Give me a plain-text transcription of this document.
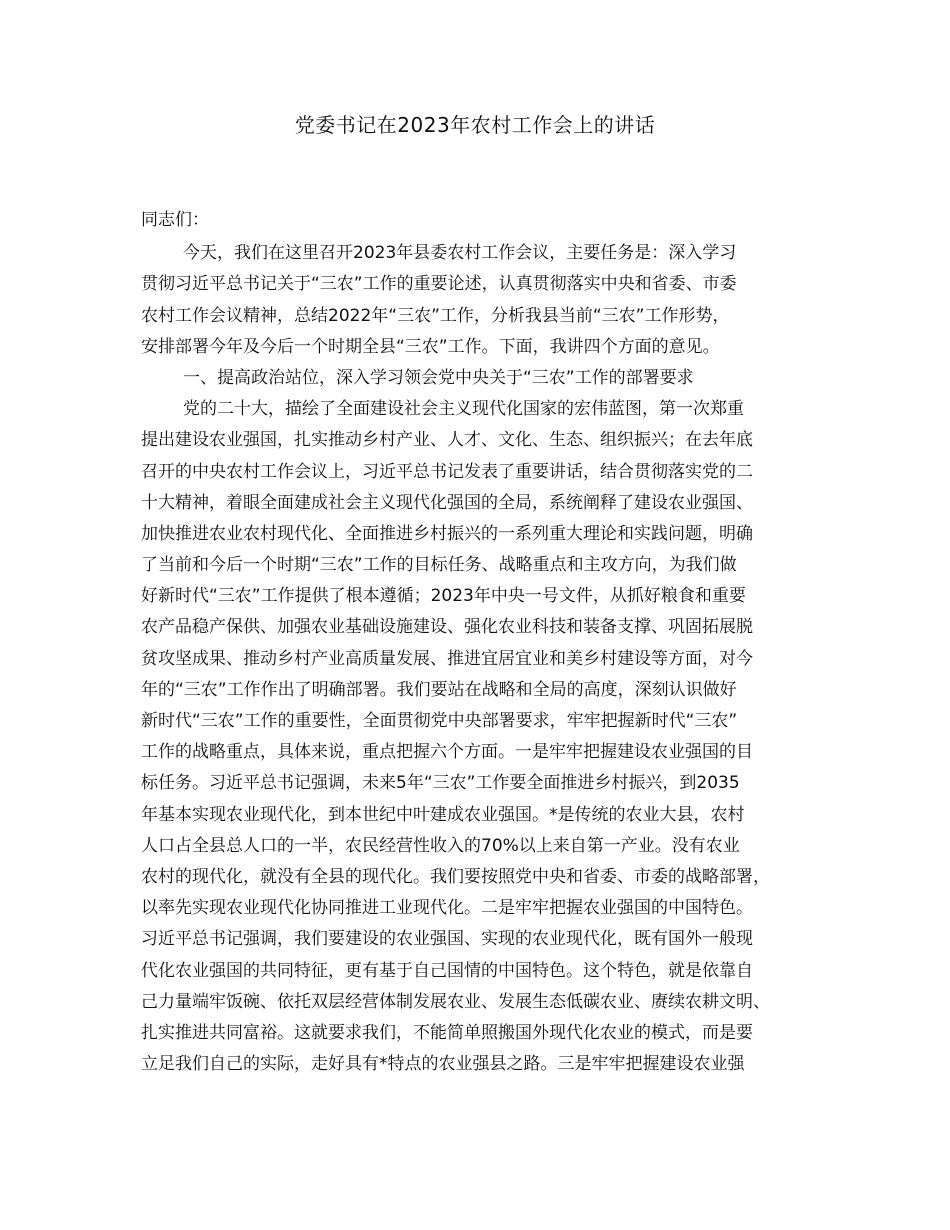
党委书记在2023年农村工作会上的讲话
同志们：
今天，我们在这里召开2023年县委农村工作会议，主要任务是：深入学习
贯彻习近平总书记关于“三农”工作的重要论述，认真贯彻落实中央和省委、市委
农村工作会议精神，总结2022年“三农”工作，分析我县当前“三农”工作形势，
安排部署今年及今后一个时期全县“三农”工作。下面，我讲四个方面的意见。
一、提高政治站位，深入学习领会党中央关于“三农”工作的部署要求
党的二十大，描绘了全面建设社会主义现代化国家的宏伟蓝图，第一次郑重
提出建设农业强国，扎实推动乡村产业、人才、文化、生态、组织振兴；在去年底
召开的中央农村工作会议上，习近平总书记发表了重要讲话，结合贯彻落实党的二
十大精神，着眼全面建成社会主义现代化强国的全局，系统阐释了建设农业强国、
加快推进农业农村现代化、全面推进乡村振兴的一系列重大理论和实践问题，明确
了当前和今后一个时期“三农”工作的目标任务、战略重点和主攻方向，为我们做
好新时代“三农”工作提供了根本遵循；2023年中央一号文件，从抓好粮食和重要
农产品稳产保供、加强农业基础设施建设、强化农业科技和装备支撑、巩固拓展脱
贫攻坚成果、推动乡村产业高质量发展、推进宜居宜业和美乡村建设等方面，对今
年的“三农”工作作出了明确部署。我们要站在战略和全局的高度，深刻认识做好
新时代“三农”工作的重要性，全面贯彻党中央部署要求，牢牢把握新时代“三农”
工作的战略重点，具体来说，重点把握六个方面。一是牢牢把握建设农业强国的目
标任务。习近平总书记强调，未来5年“三农”工作要全面推进乡村振兴，到2035
年基本实现农业现代化，到本世纪中叶建成农业强国。*是传统的农业大县，农村
人口占全县总人口的一半，农民经营性收入的70%以上来自第一产业。没有农业
农村的现代化，就没有全县的现代化。我们要按照党中央和省委、市委的战略部署，
以率先实现农业现代化协同推进工业现代化。二是牢牢把握农业强国的中国特色。
习近平总书记强调，我们要建设的农业强国、实现的农业现代化，既有国外一般现
代化农业强国的共同特征，更有基于自己国情的中国特色。这个特色，就是依靠自
己力量端牢饭碗、依托双层经营体制发展农业、发展生态低碳农业、赓续农耕文明、
扎实推进共同富裕。这就要求我们，不能简单照搬国外现代化农业的模式，而是要
立足我们自己的实际，走好具有*特点的农业强县之路。三是牢牢把握建设农业强
